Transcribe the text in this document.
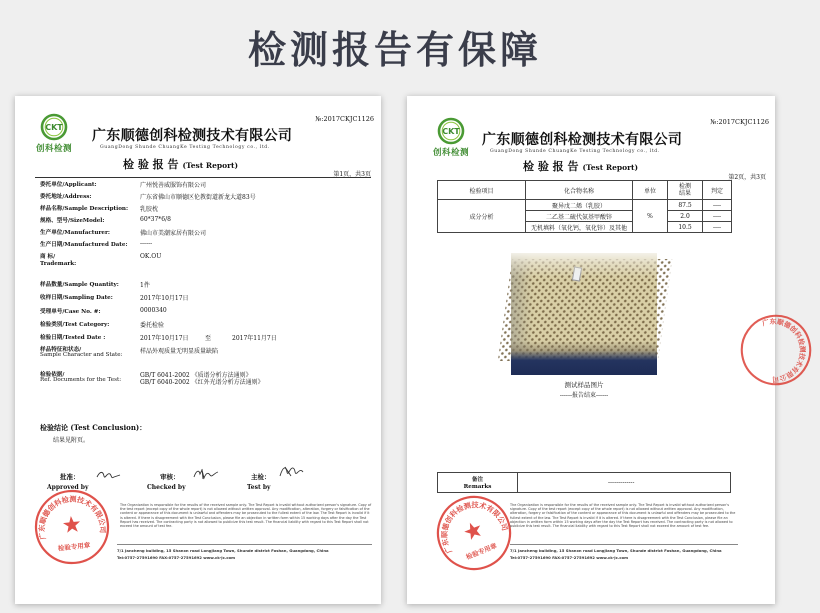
检测报告有保障
№:2017CKJC1126
CKT
创科检测
广东顺德创科检测技术有限公司
GuangDong Shunde ChuangKe Testing Technology co., ltd.
检 验 报 告 (Test Report)
第1页，共3页
委托单位/Applicant:	广州悦善威服饰有限公司
委托地址/Address:	广东省佛山市顺德区伦教街道新龙大道83号
样品名称/Sample Description: 乳胶枕
规格、型号/SizeModel:	60*37*6/8
生产单位/Manufacturer:	佛山市美潮家居有限公司
生产日期/Manufactured Date: ------
商 标/
Trademark:
OK.OU
样品数量/Sample Quantity:	1件
收样日期/Sampling Date:	2017年10月17日
受理单号/Case No. #:	0000340
检验类别/Test Category:	委托检验
检验日期/Tested Date :	2017年10月17日	至	2017年11月7日
样品特征和状态/
Sample Character and State:	样品外观质量无明显质量缺陷
检验依据/
Ref. Documents for the Test:
GB/T 6041-2002 《质谱分析方法通则》
GB/T 6040-2002 《红外光谱分析方法通则》
检验结论 (Test Conclusion)：
结果见附页。
批准：
Approved by
审核：
Checked by
主检：
Test by
广东顺德创科检测技术有限公司
检验专用章
The Organization is responsible for the results of the received sample only. The Test Report is invalid without authorized person's signature. Copy of the test report (except copy of the whole report) is not allowed without written approval. Any modification, alteration, forgery or falsification of the content or appearance of this document is unlawful and offenders may be prosecuted to the fullest extent of the law. The Test Report is invalid if it is altered. If there is disagreement with the Test Conclusion, please file an objection in written form within 15 working days after the day the Test Report has received. The contracting party is not allowed to publicize this test result. The financial liability with regard to this Test Report shall not exceed the amount of test fee.
7/1 Jancheng building, 15 Shanxn road Longjiang Town, Shunde district Foshan, Guangdong, China
Tel:0757-27591690 FAX:0757-27591692 www.ck-jc.com
№:2017CKJC1126
CKT
创科检测
广东顺德创科检测技术有限公司
GuangDong Shunde ChuangKe Testing Technology co., ltd.
检 验 报 告 (Test Report)
第2页，共3页
检验项目	化合物名称	单位	检测结果	判定
成分分析	聚异戊二烯（乳胶）	%	87.5	----
	二乙基二硫代氨基甲酸锌		2.0	----
	无机填料（氧化钙，氧化锌）及其他		10.5	----
测试样品图片
------报告结束------
备注
Remarks
-------------
广东顺德创科检测技术有限公司
检验专用章
广东顺德创科检测技术有限公司
The Organization is responsible for the results of the received sample only. The Test Report is invalid without authorized person's signature. Copy of the test report (except copy of the whole report) is not allowed without written approval. Any modification, alteration, forgery or falsification of the content or appearance of this document is unlawful and offenders may be prosecuted to the fullest extent of the law. The Test Report is invalid if it is altered. If there is disagreement with the Test Conclusion, please file an objection in written form within 15 working days after the day the Test Report has received. The contracting party is not allowed to publicize this test result. The financial liability with regard to this Test Report shall not exceed the amount of test fee.
7/1 Jancheng building, 15 Shanxn road Longjiang Town, Shunde district Foshan, Guangdong, China
Tel:0757-27591690 FAX:0757-27591692 www.ck-jc.com
